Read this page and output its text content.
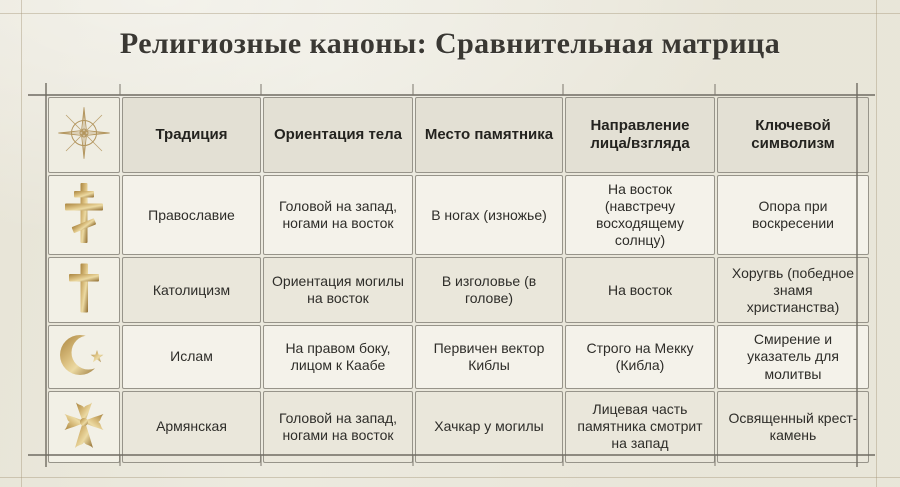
Религиозные каноны: Сравнительная матрица
	Традиция	Ориентация тела	Место памятника	Направление лица/взгляда	Ключевой символизм
	Православие	Головой на запад, ногами на восток	В ногах (изножье)	На восток (навстречу восходящему солнцу)	Опора при воскресении
	Католицизм	Ориентация могилы на восток	В изголовье (в голове)	На восток	Хоругвь (победное знамя христианства)
	Ислам	На правом боку, лицом к Каабе	Первичен вектор Киблы	Строго на Мекку (Кибла)	Смирение и указатель для молитвы
	Армянская	Головой на запад, ногами на восток	Хачкар у могилы	Лицевая часть памятника смотрит на запад	Освященный крест-камень
